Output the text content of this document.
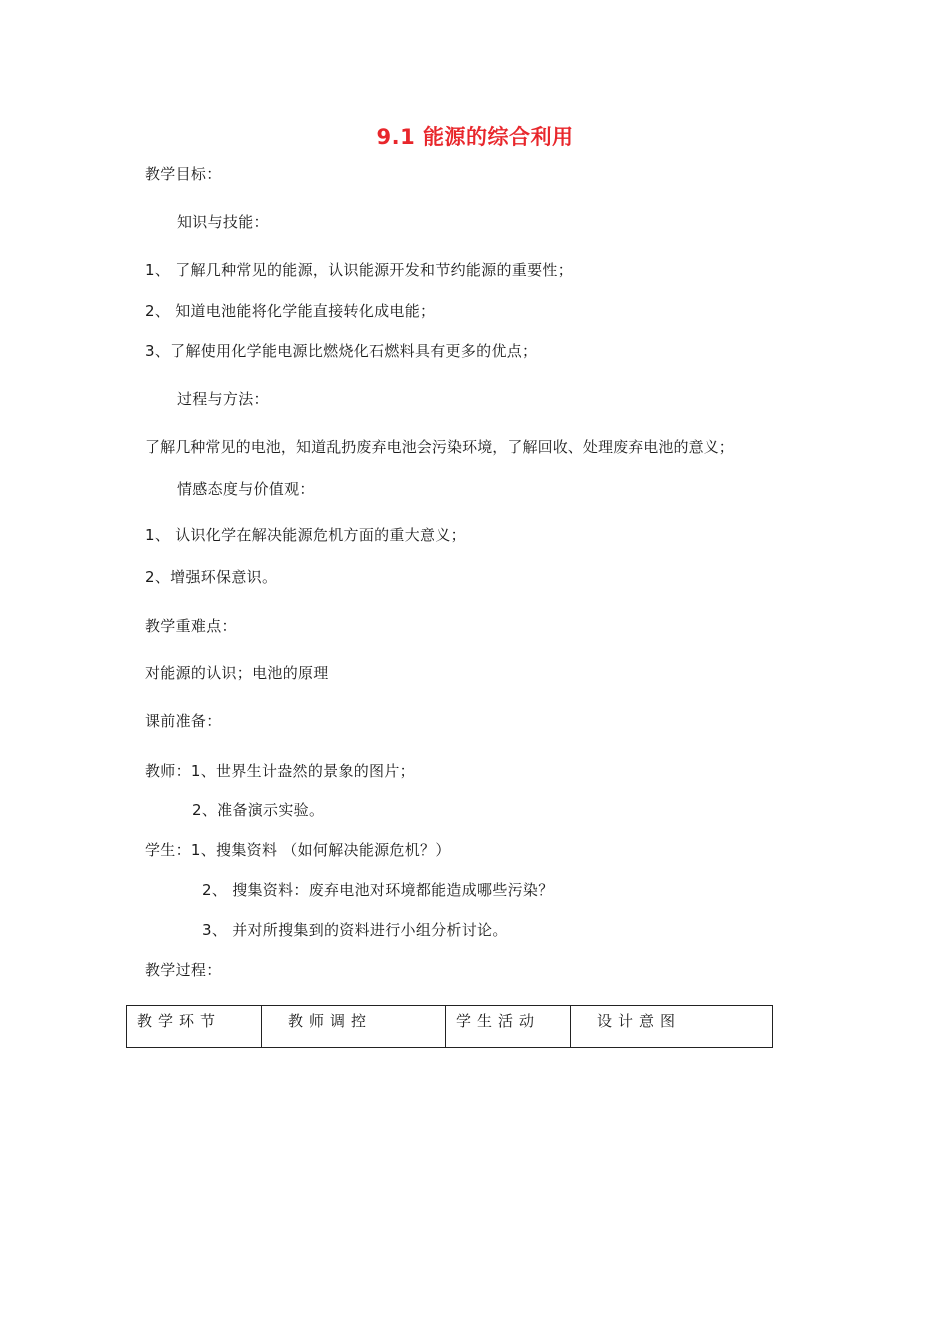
9.1 能源的综合利用
教学目标：
知识与技能：
1、 了解几种常见的能源，认识能源开发和节约能源的重要性；
2、 知道电池能将化学能直接转化成电能；
3、了解使用化学能电源比燃烧化石燃料具有更多的优点；
过程与方法：
了解几种常见的电池，知道乱扔废弃电池会污染环境，了解回收、处理废弃电池的意义；
情感态度与价值观：
1、 认识化学在解决能源危机方面的重大意义；
2、增强环保意识。
教学重难点：
对能源的认识；电池的原理
课前准备：
教师：1、世界生计盎然的景象的图片；
2、准备演示实验。
学生：1、搜集资料 （如何解决能源危机？）
2、 搜集资料：废弃电池对环境都能造成哪些污染？
3、 并对所搜集到的资料进行小组分析讨论。
教学过程：
教学环节	教师调控	学生活动	设计意图
